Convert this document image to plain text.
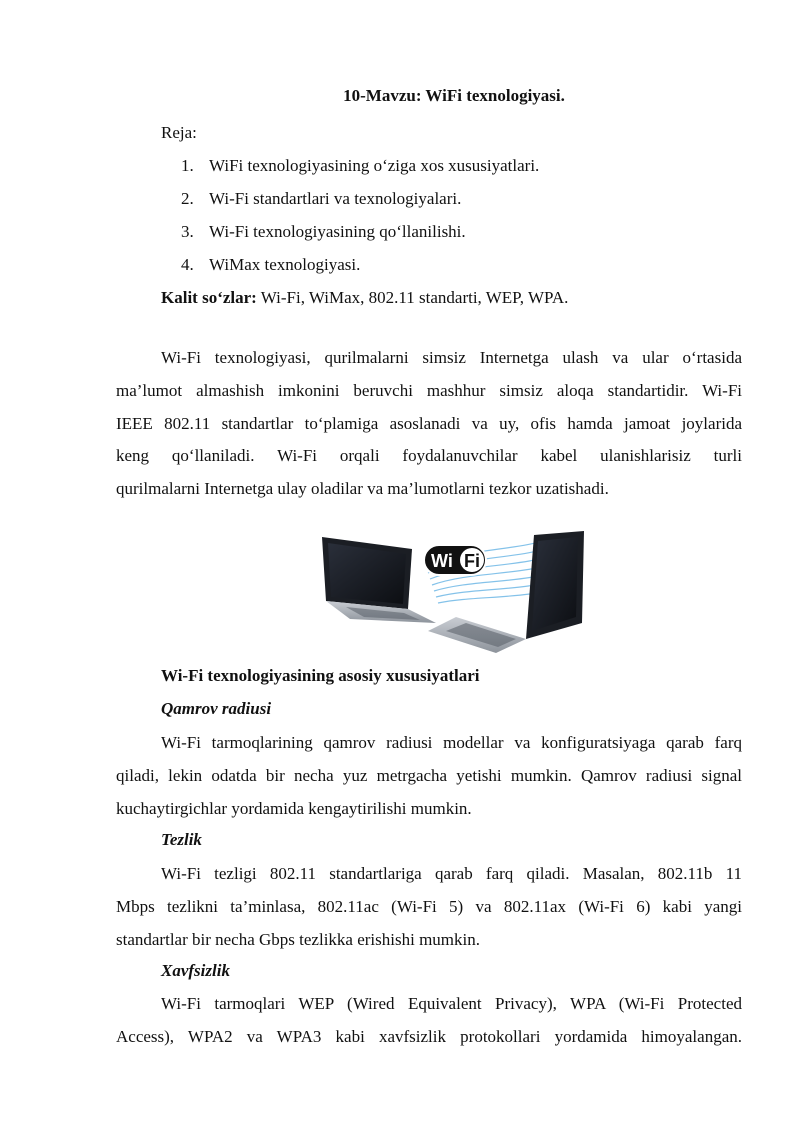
10-Mavzu: WiFi texnologiyasi.
Reja:
1. WiFi texnologiyasining o‘ziga xos xususiyatlari.
2. Wi-Fi standartlari va texnologiyalari.
3. Wi-Fi texnologiyasining qo‘llanilishi.
4. WiMax texnologiyasi.
Kalit so‘zlar: Wi-Fi, WiMax, 802.11 standarti, WEP, WPA.
Wi-Fi texnologiyasi, qurilmalarni simsiz Internetga ulash va ular o‘rtasida
ma’lumot almashish imkonini beruvchi mashhur simsiz aloqa standartidir. Wi-Fi
IEEE 802.11 standartlar to‘plamiga asoslanadi va uy, ofis hamda jamoat joylarida
keng qo‘llaniladi. Wi-Fi orqali foydalanuvchilar kabel ulanishlarisiz turli
qurilmalarni Internetga ulay oladilar va ma’lumotlarni tezkor uzatishadi.
Wi Fi
Wi-Fi texnologiyasining asosiy xususiyatlari
Qamrov radiusi
Wi-Fi tarmoqlarining qamrov radiusi modellar va konfiguratsiyaga qarab farq
qiladi, lekin odatda bir necha yuz metrgacha yetishi mumkin. Qamrov radiusi signal
kuchaytirgichlar yordamida kengaytirilishi mumkin.
Tezlik
Wi-Fi tezligi 802.11 standartlariga qarab farq qiladi. Masalan, 802.11b 11
Mbps tezlikni ta’minlasa, 802.11ac (Wi-Fi 5) va 802.11ax (Wi-Fi 6) kabi yangi
standartlar bir necha Gbps tezlikka erishishi mumkin.
Xavfsizlik
Wi-Fi tarmoqlari WEP (Wired Equivalent Privacy), WPA (Wi-Fi Protected
Access), WPA2 va WPA3 kabi xavfsizlik protokollari yordamida himoyalangan.
